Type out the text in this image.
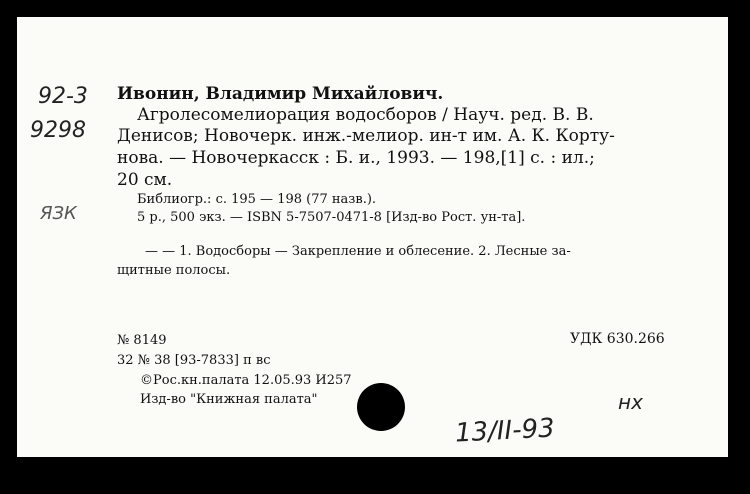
92-3
9298
ЯЗК
Ивонин, Владимир Михайлович.
Агролесомелиорация водосборов / Науч. ред. В. В.
Денисов; Новочерк. инж.-мелиор. ин-т им. А. К. Корту-
нова. — Новочеркасск : Б. и., 1993. — 198,[1] с. : ил.;
20 см.
Библиогр.: с. 195 — 198 (77 назв.).
5 р., 500 экз. — ISBN 5-7507-0471-8 [Изд-во Рост. ун-та].
— — 1. Водосборы — Закрепление и облесение. 2. Лесные за-
щитные полосы.
№ 8149	УДК 630.266
32 № 38 [93-7833] п вс
©Рос.кн.палата 12.05.93 И257
Изд-во "Книжная палата"
13/II-93
нх
